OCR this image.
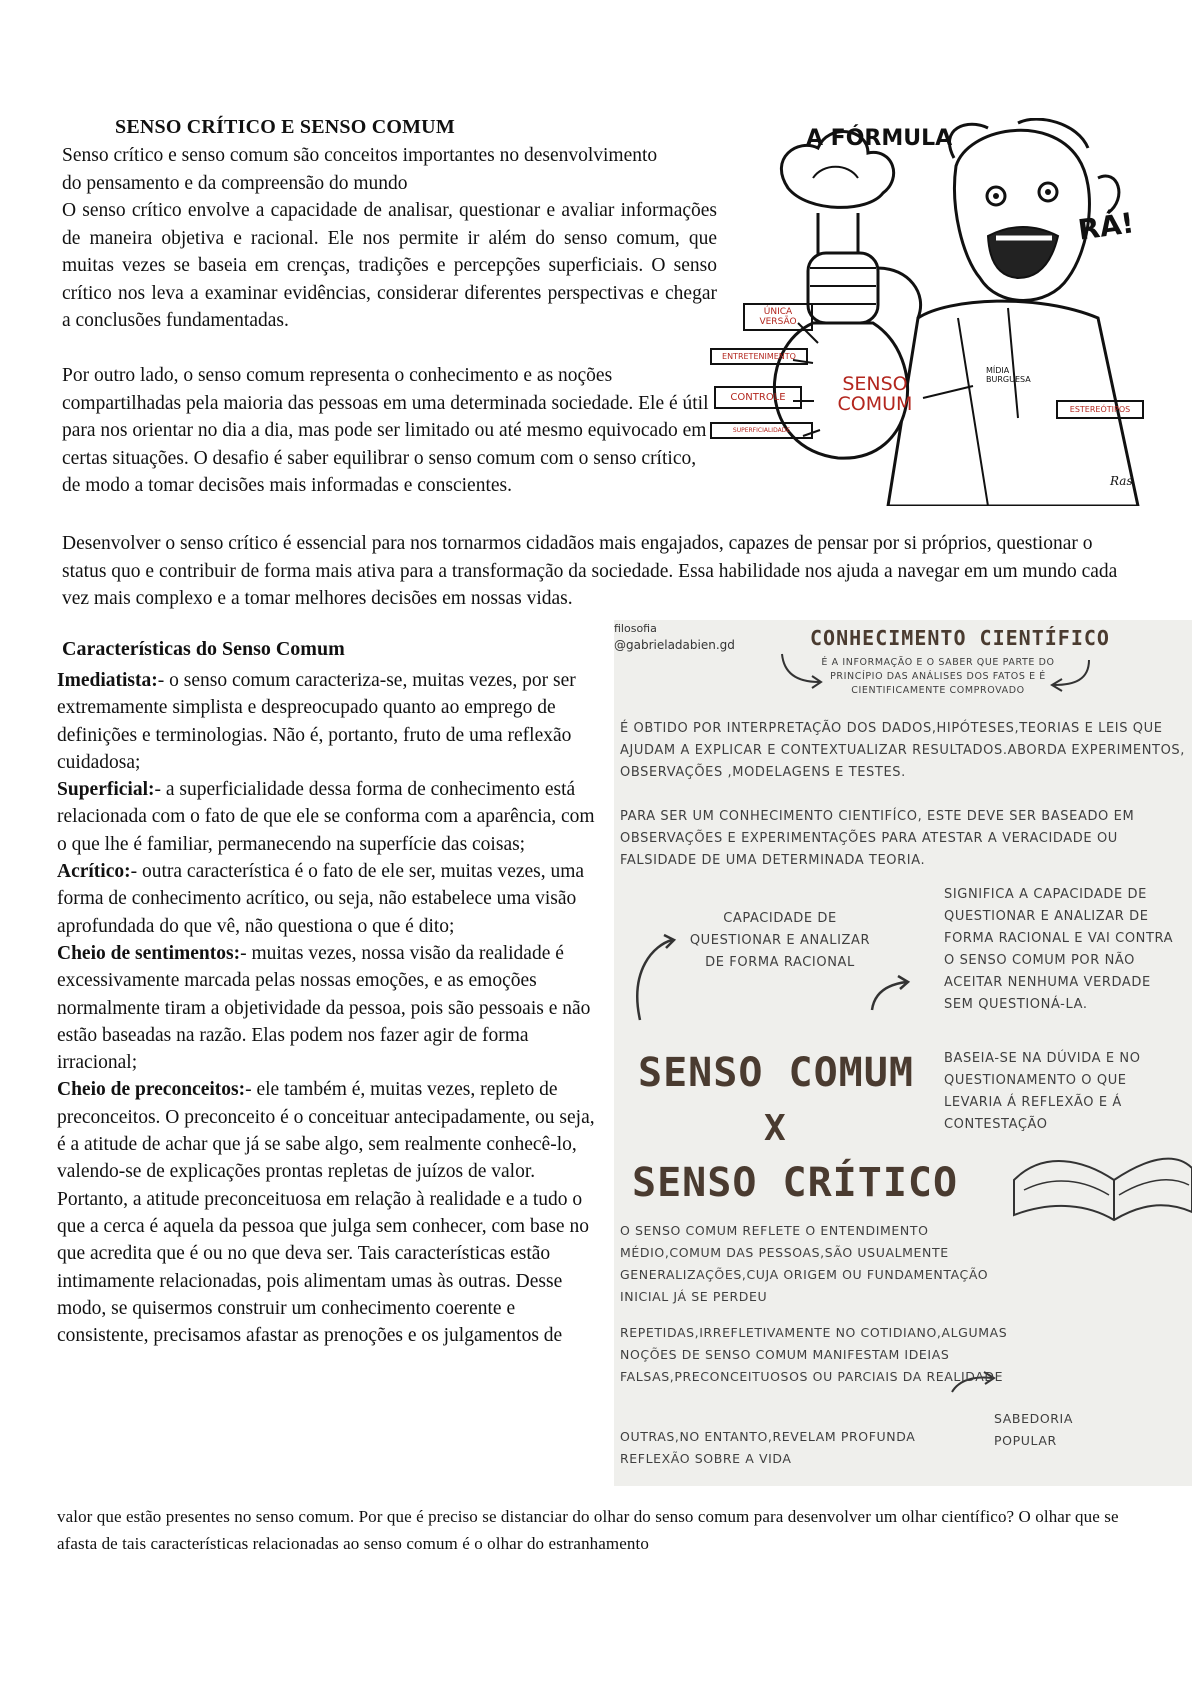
SENSO CRÍTICO E SENSO COMUM
Senso crítico e senso comum são conceitos importantes no desenvolvimento do pensamento e da compreensão do mundo
O senso crítico envolve a capacidade de analisar, questionar e avaliar informações de maneira objetiva e racional. Ele nos permite ir além do senso comum, que muitas vezes se baseia em crenças, tradições e percepções superficiais. O senso crítico nos leva a examinar evidências, considerar diferentes perspectivas e chegar a conclusões fundamentadas.
Por outro lado, o senso comum representa o conhecimento e as noções compartilhadas pela maioria das pessoas em uma determinada sociedade. Ele é útil para nos orientar no dia a dia, mas pode ser limitado ou até mesmo equivocado em certas situações. O desafio é saber equilibrar o senso comum com o senso crítico, de modo a tomar decisões mais informadas e conscientes.
Desenvolver o senso crítico é essencial para nos tornarmos cidadãos mais engajados, capazes de pensar por si próprios, questionar o status quo e contribuir de forma mais ativa para a transformação da sociedade. Essa habilidade nos ajuda a navegar em um mundo cada vez mais complexo e a tomar melhores decisões em nossas vidas.
Características do Senso Comum
Imediatista:- o senso comum caracteriza-se, muitas vezes, por ser extremamente simplista e despreocupado quanto ao emprego de definições e terminologias. Não é, portanto, fruto de uma reflexão cuidadosa;
Superficial:- a superficialidade dessa forma de conhecimento está relacionada com o fato de que ele se conforma com a aparência, com o que lhe é familiar, permanecendo na superfície das coisas;
Acrítico:- outra característica é o fato de ele ser, muitas vezes, uma forma de conhecimento acrítico, ou seja, não estabelece uma visão aprofundada do que vê, não questiona o que é dito;
Cheio de sentimentos:- muitas vezes, nossa visão da realidade é excessivamente marcada pelas nossas emoções, e as emoções normalmente tiram a objetividade da pessoa, pois são pessoais e não estão baseadas na razão. Elas podem nos fazer agir de forma irracional;
Cheio de preconceitos:- ele também é, muitas vezes, repleto de preconceitos. O preconceito é o conceituar antecipadamente, ou seja, é a atitude de achar que já se sabe algo, sem realmente conhecê-lo, valendo-se de explicações prontas repletas de juízos de valor. Portanto, a atitude preconceituosa em relação à realidade e a tudo o que a cerca é aquela da pessoa que julga sem conhecer, com base no que acredita que é ou no que deva ser. Tais características estão intimamente relacionadas, pois alimentam umas às outras. Desse modo, se quisermos construir um conhecimento coerente e consistente, precisamos afastar as prenoções e os julgamentos de
valor que estão presentes no senso comum. Por que é preciso se distanciar do olhar do senso comum para desenvolver um olhar científico? O olhar que se afasta de tais características relacionadas ao senso comum é o olhar do estranhamento
A FÓRMULA
RÁ!
SENSO
COMUM
ÚNICA VERSÃO
ENTRETENIMENTO
CONTROLE
SUPERFICIALIDADE
MÍDIA BURGUESA
ESTEREÓTIPOS
Ras
filosofia
@gabrieladabien.gd	CONHECIMENTO CIENTÍFICO
É A INFORMAÇÃO E O SABER QUE PARTE DO PRINCÍPIO DAS ANÁLISES DOS FATOS E É CIENTIFICAMENTE COMPROVADO
É OBTIDO POR INTERPRETAÇÃO DOS DADOS,HIPÓTESES,TEORIAS E LEIS QUE AJUDAM A EXPLICAR E CONTEXTUALIZAR RESULTADOS.ABORDA EXPERIMENTOS, OBSERVAÇÕES ,MODELAGENS E TESTES.
PARA SER UM CONHECIMENTO CIENTIFÍCO, ESTE DEVE SER BASEADO EM OBSERVAÇÕES E EXPERIMENTAÇÕES PARA ATESTAR A VERACIDADE OU FALSIDADE DE UMA DETERMINADA TEORIA.
CAPACIDADE DE QUESTIONAR E ANALIZAR DE FORMA RACIONAL
SIGNIFICA A CAPACIDADE DE QUESTIONAR E ANALIZAR DE FORMA RACIONAL E VAI CONTRA O SENSO COMUM POR NÃO ACEITAR NENHUMA VERDADE SEM QUESTIONÁ-LA.
BASEIA-SE NA DÚVIDA E NO QUESTIONAMENTO O QUE LEVARIA Á REFLEXÃO E Á CONTESTAÇÃO
SENSO COMUM
X
SENSO CRÍTICO
O SENSO COMUM REFLETE O ENTENDIMENTO MÉDIO,COMUM DAS PESSOAS,SÃO USUALMENTE GENERALIZAÇÕES,CUJA ORIGEM OU FUNDAMENTAÇÃO INICIAL JÁ SE PERDEU
REPETIDAS,IRREFLETIVAMENTE NO COTIDIANO,ALGUMAS NOÇÕES DE SENSO COMUM MANIFESTAM IDEIAS FALSAS,PRECONCEITUOSOS OU PARCIAIS DA REALIDADE
OUTRAS,NO ENTANTO,REVELAM PROFUNDA REFLEXÃO SOBRE A VIDA
SABEDORIA POPULAR
